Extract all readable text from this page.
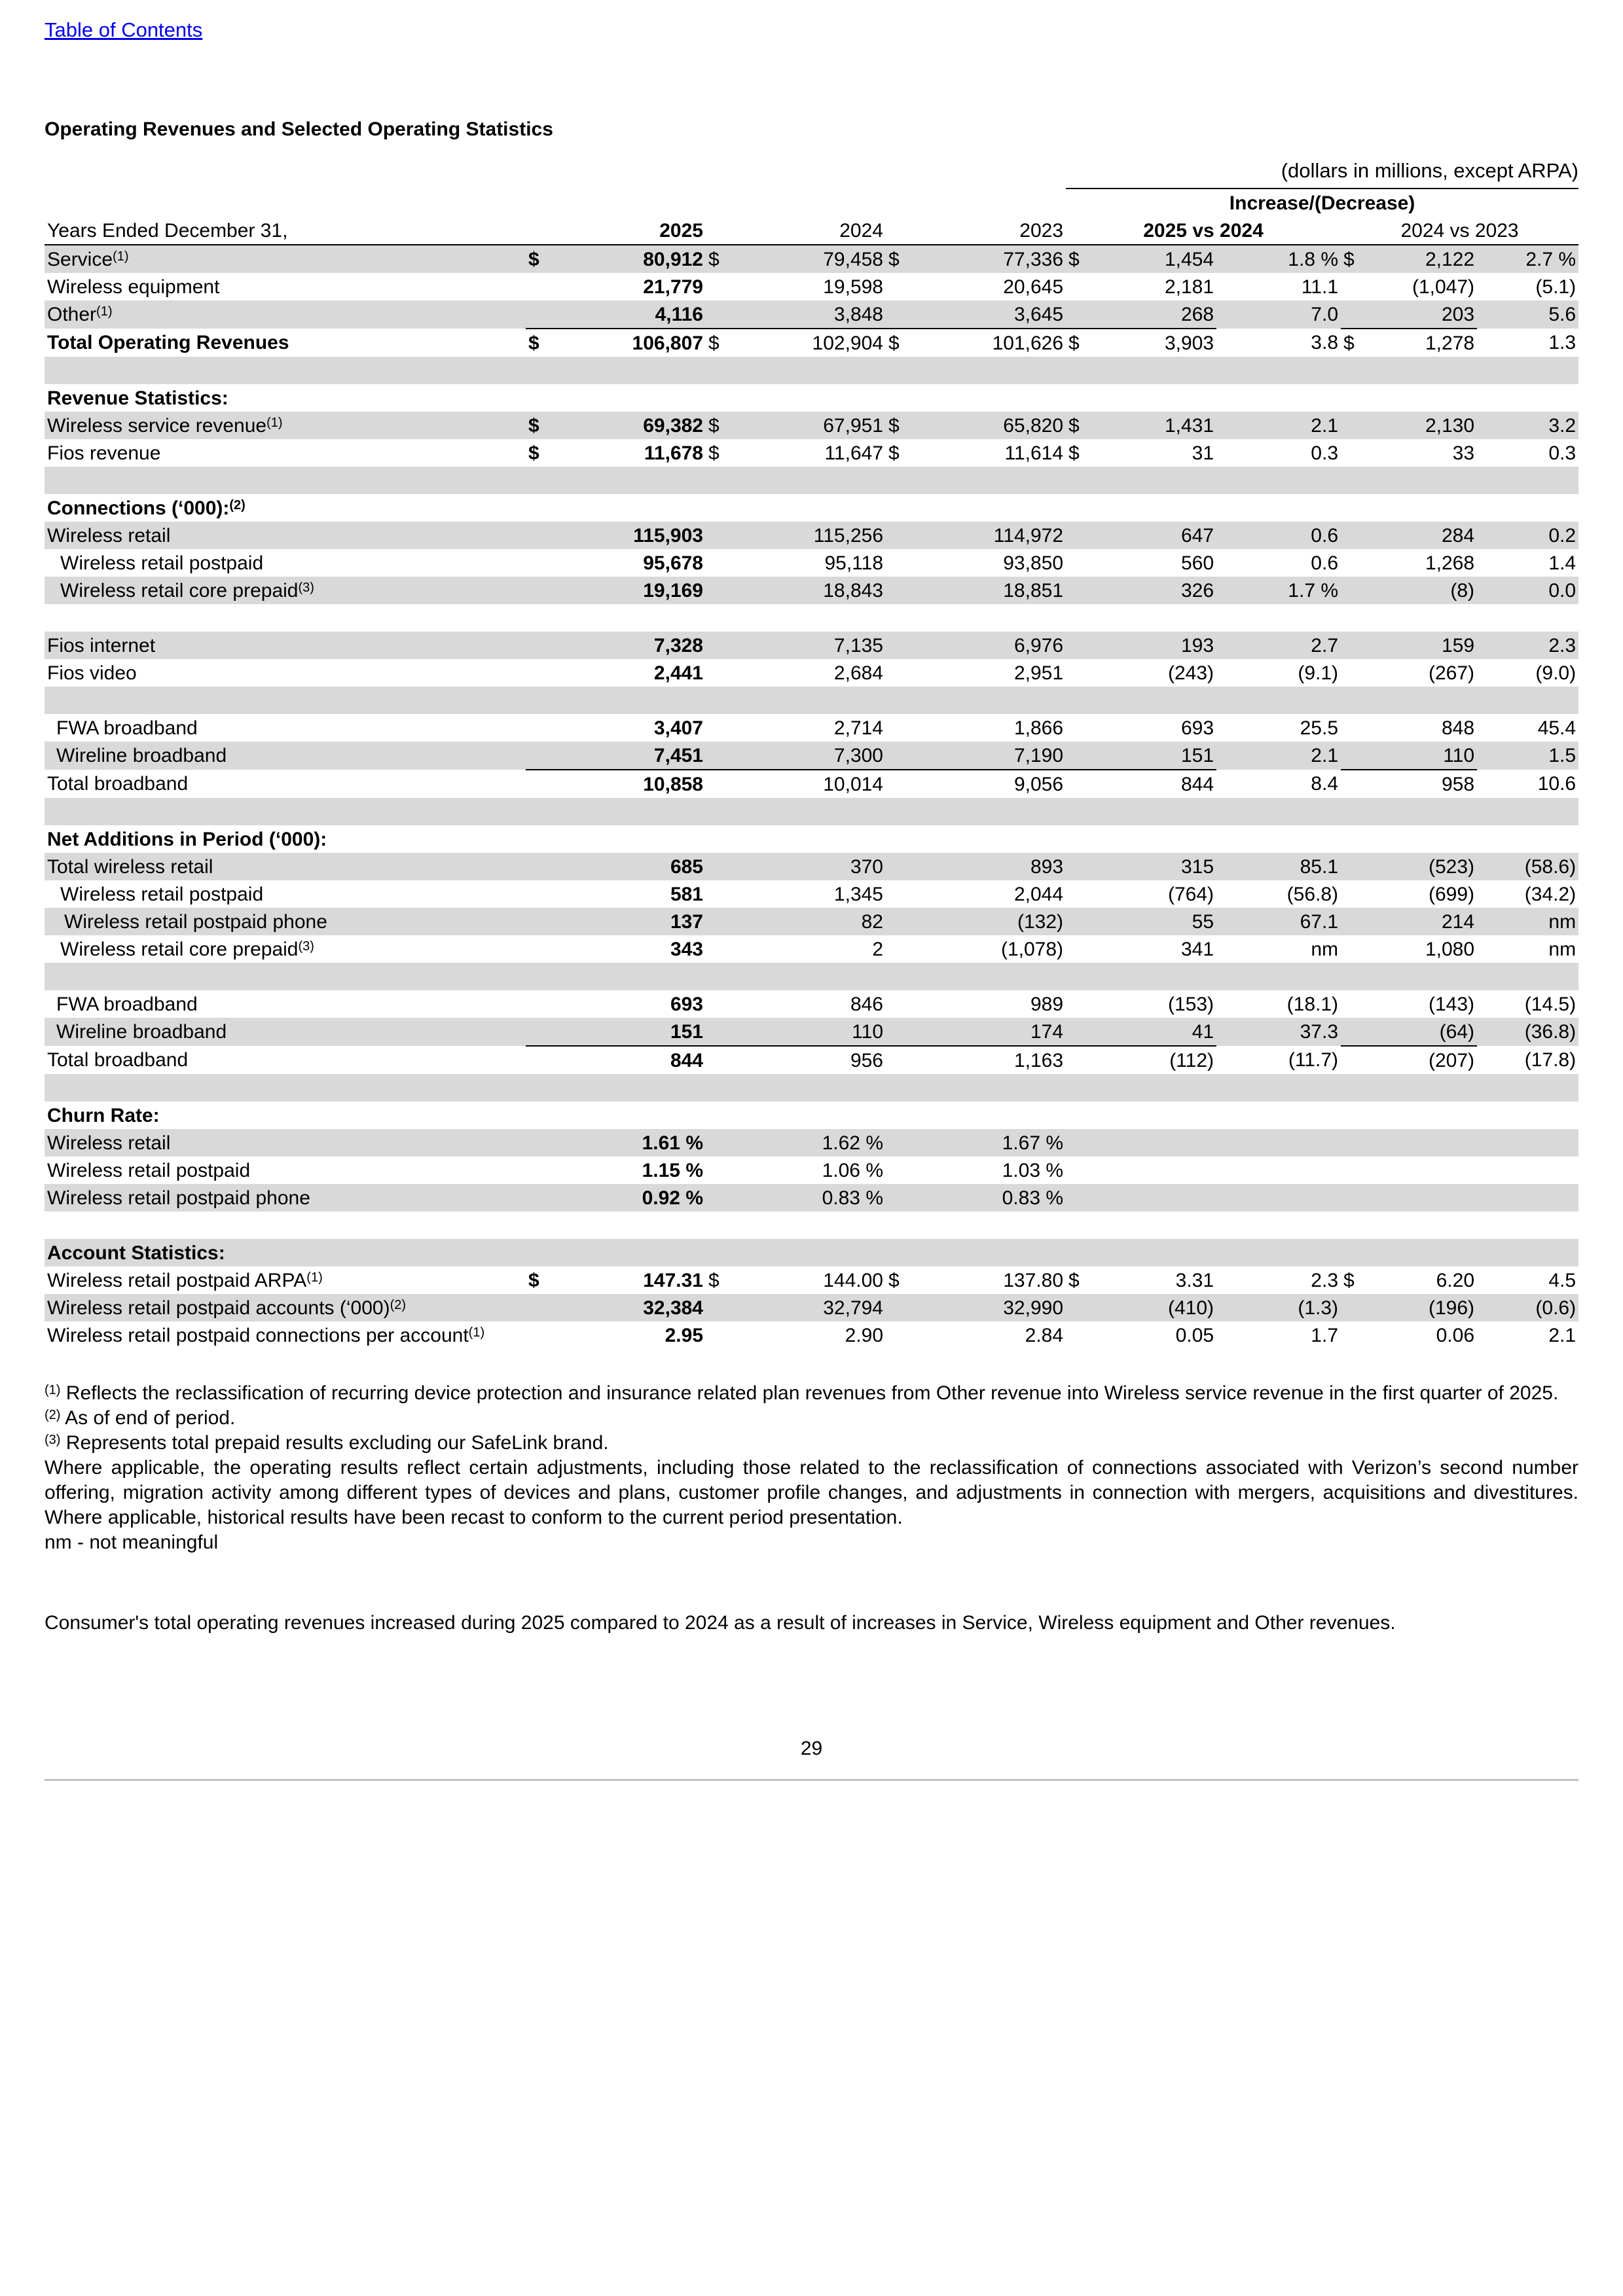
Table of Contents
Operating Revenues and Selected Operating Statistics
(dollars in millions, except ARPA)
							Increase/(Decrease)					
Years Ended December 31,	2025		2024		2023		2025 vs 2024			2024 vs 2023		
Service$^{(1)}$	$	80,912	$	79,458	$	77,336	$	1,454	1.8 %	$	2,122	2.7 %
Wireless equipment		21,779		19,598		20,645		2,181	11.1		(1,047)	(5.1)
Other$^{(1)}$		4,116		3,848		3,645		268	7.0		203	5.6
Total Operating Revenues	$	106,807	$	102,904	$	101,626	$	3,903	3.8	$	1,278	1.3

Revenue Statistics:												
Wireless service revenue$^{(1)}$	$	69,382	$	67,951	$	65,820	$	1,431	2.1		2,130	3.2
Fios revenue	$	11,678	$	11,647	$	11,614	$	31	0.3		33	0.3

Connections (‘000):$^{(2)}$
Wireless retail		115,903		115,256		114,972		647	0.6		284	0.2
Wireless retail postpaid		95,678		95,118		93,850		560	0.6		1,268	1.4
Wireless retail core prepaid$^{(3)}$		19,169		18,843		18,851		326	1.7 %		(8)	0.0

Fios internet		7,328		7,135		6,976		193	2.7		159	2.3
Fios video		2,441		2,684		2,951		(243)	(9.1)		(267)	(9.0)

FWA broadband		3,407		2,714		1,866		693	25.5		848	45.4
Wireline broadband		7,451		7,300		7,190		151	2.1		110	1.5
Total broadband		10,858		10,014		9,056		844	8.4		958	10.6

Net Additions in Period (‘000):												
Total wireless retail		685		370		893		315	85.1		(523)	(58.6)
Wireless retail postpaid		581		1,345		2,044		(764)	(56.8)		(699)	(34.2)
Wireless retail postpaid phone		137		82		(132)		55	67.1		214	nm
Wireless retail core prepaid$^{(3)}$		343		2		(1,078)		341	nm		1,080	nm

FWA broadband		693		846		989		(153)	(18.1)		(143)	(14.5)
Wireline broadband		151		110		174		41	37.3		(64)	(36.8)
Total broadband		844		956		1,163		(112)	(11.7)		(207)	(17.8)

Churn Rate:												
Wireless retail		1.61 %		1.62 %		1.67 %						
Wireless retail postpaid		1.15 %		1.06 %		1.03 %						
Wireless retail postpaid phone		0.92 %		0.83 %		0.83 %						

Account Statistics:												
Wireless retail postpaid ARPA$^{(1)}$	$	147.31	$	144.00	$	137.80	$	3.31	2.3	$	6.20	4.5
Wireless retail postpaid accounts (‘000)$^{(2)}$		32,384		32,794		32,990		(410)	(1.3)		(196)	(0.6)
Wireless retail postpaid connections per account$^{(1)}$		2.95		2.90		2.84		0.05	1.7		0.06	2.1
$^{(1)}$ Reflects the reclassification of recurring device protection and insurance related plan revenues from Other revenue into Wireless service revenue in the first quarter of 2025.
$^{(2)}$ As of end of period.
$^{(3)}$ Represents total prepaid results excluding our SafeLink brand.
Where applicable, the operating results reflect certain adjustments, including those related to the reclassification of connections associated with Verizon’s second number offering, migration activity among different types of devices and plans, customer profile changes, and adjustments in connection with mergers, acquisitions and divestitures. Where applicable, historical results have been recast to conform to the current period presentation.
nm - not meaningful
Consumer's total operating revenues increased during 2025 compared to 2024 as a result of increases in Service, Wireless equipment and Other revenues.
29
